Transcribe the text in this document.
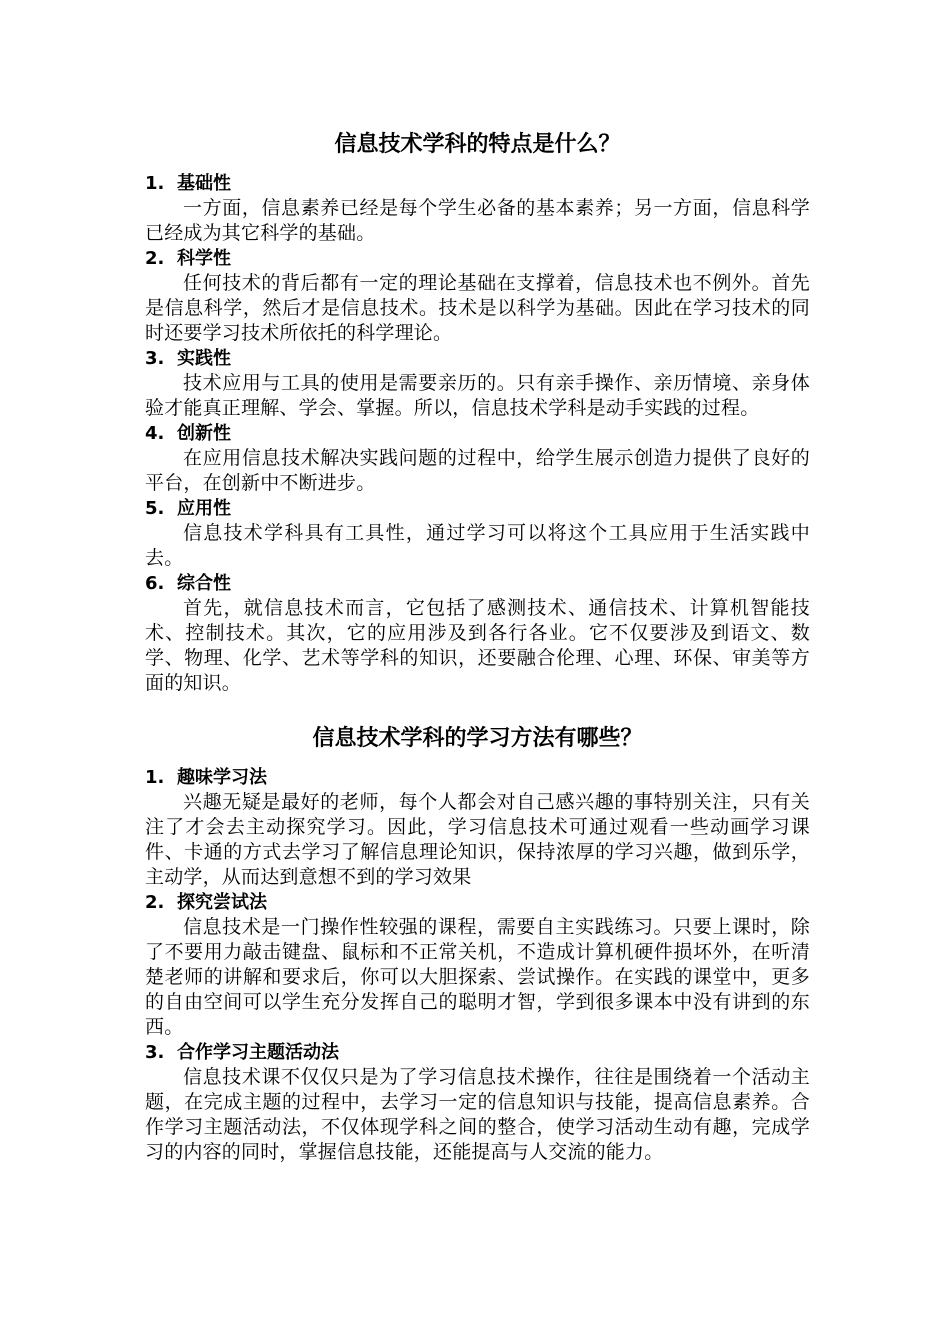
信息技术学科的特点是什么？

1. 基础性

一方面，信息素养已经是每个学生必备的基本素养；另一方面，信息科学已经成为其它科学的基础。

2. 科学性

任何技术的背后都有一定的理论基础在支撑着，信息技术也不例外。首先是信息科学，然后才是信息技术。技术是以科学为基础。因此在学习技术的同时还要学习技术所依托的科学理论。

3. 实践性

技术应用与工具的使用是需要亲历的。只有亲手操作、亲历情境、亲身体验才能真正理解、学会、掌握。所以，信息技术学科是动手实践的过程。

4. 创新性

在应用信息技术解决实践问题的过程中，给学生展示创造力提供了良好的平台，在创新中不断进步。

5. 应用性

信息技术学科具有工具性，通过学习可以将这个工具应用于生活实践中去。

6. 综合性

首先，就信息技术而言，它包括了感测技术、通信技术、计算机智能技术、控制技术。其次，它的应用涉及到各行各业。它不仅要涉及到语文、数学、物理、化学、艺术等学科的知识，还要融合伦理、心理、环保、审美等方面的知识。

信息技术学科的学习方法有哪些？

1. 趣味学习法

兴趣无疑是最好的老师，每个人都会对自己感兴趣的事特别关注，只有关注了才会去主动探究学习。因此，学习信息技术可通过观看一些动画学习课件、卡通的方式去学习了解信息理论知识，保持浓厚的学习兴趣，做到乐学，主动学，从而达到意想不到的学习效果

2. 探究尝试法

信息技术是一门操作性较强的课程，需要自主实践练习。只要上课时，除了不要用力敲击键盘、鼠标和不正常关机，不造成计算机硬件损坏外，在听清楚老师的讲解和要求后，你可以大胆探索、尝试操作。在实践的课堂中，更多的自由空间可以学生充分发挥自己的聪明才智，学到很多课本中没有讲到的东西。

3. 合作学习主题活动法

信息技术课不仅仅只是为了学习信息技术操作，往往是围绕着一个活动主题，在完成主题的过程中，去学习一定的信息知识与技能，提高信息素养。合作学习主题活动法，不仅体现学科之间的整合，使学习活动生动有趣，完成学习的内容的同时，掌握信息技能，还能提高与人交流的能力。
